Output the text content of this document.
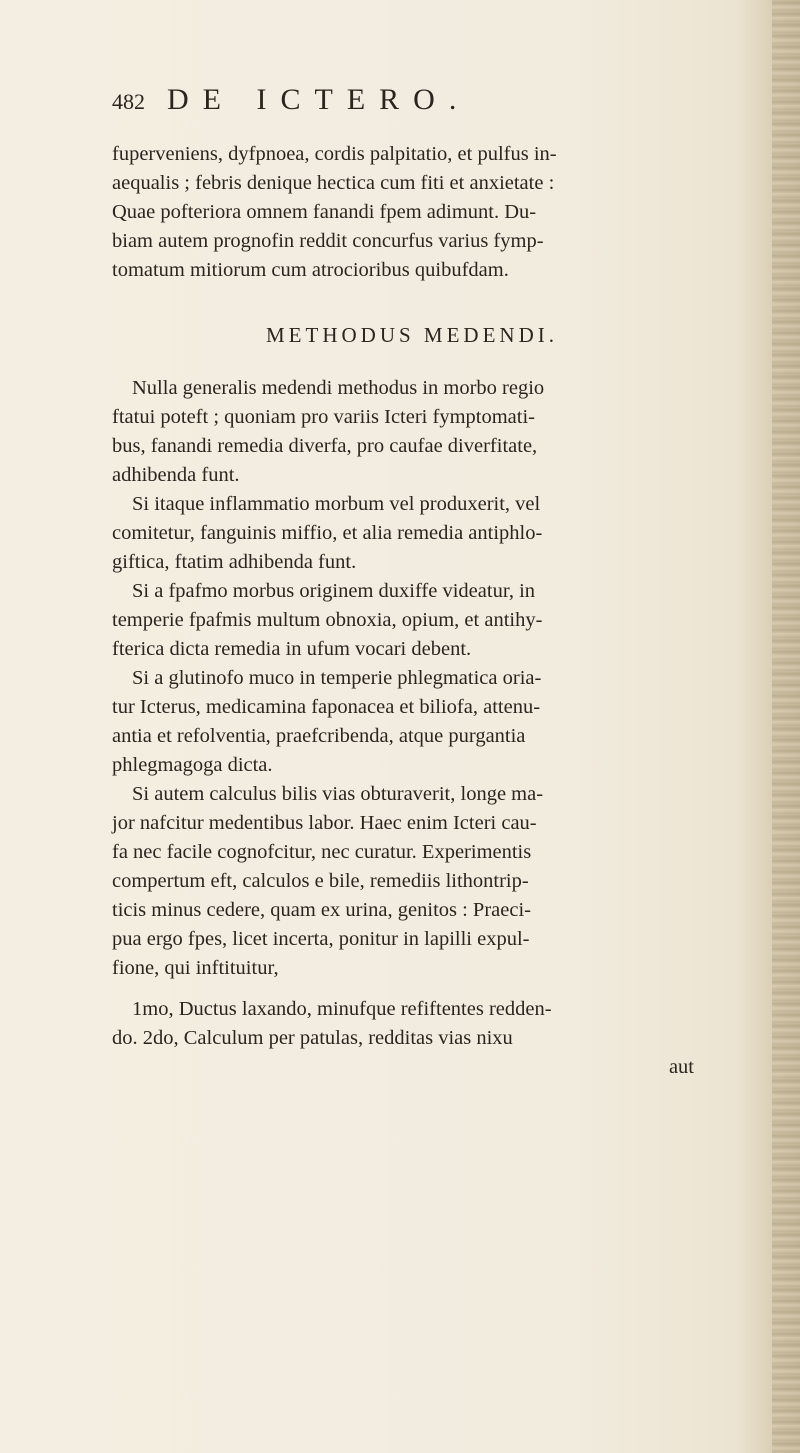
482 DE ICTERO.
fuperveniens, dyfpnoea, cordis palpitatio, et pulfus in-
aequalis ; febris denique hectica cum fiti et anxietate :
Quae pofteriora omnem fanandi fpem adimunt. Du-
biam autem prognofin reddit concurfus varius fymp-
tomatum mitiorum cum atrocioribus quibufdam.
METHODUS MEDENDI.
Nulla generalis medendi methodus in morbo regio
ftatui poteft ; quoniam pro variis Icteri fymptomati-
bus, fanandi remedia diverfa, pro caufae diverfitate,
adhibenda funt.
Si itaque inflammatio morbum vel produxerit, vel
comitetur, fanguinis miffio, et alia remedia antiphlo-
giftica, ftatim adhibenda funt.
Si a fpafmo morbus originem duxiffe videatur, in
temperie fpafmis multum obnoxia, opium, et antihy-
fterica dicta remedia in ufum vocari debent.
Si a glutinofo muco in temperie phlegmatica oria-
tur Icterus, medicamina faponacea et biliofa, attenu-
antia et refolventia, praefcribenda, atque purgantia
phlegmagoga dicta.
Si autem calculus bilis vias obturaverit, longe ma-
jor nafcitur medentibus labor. Haec enim Icteri cau-
fa nec facile cognofcitur, nec curatur. Experimentis
compertum eft, calculos e bile, remediis lithontrip-
ticis minus cedere, quam ex urina, genitos : Praeci-
pua ergo fpes, licet incerta, ponitur in lapilli expul-
fione, qui inftituitur,
1mo, Ductus laxando, minufque refiftentes redden-
do. 2do, Calculum per patulas, redditas vias nixu
aut
